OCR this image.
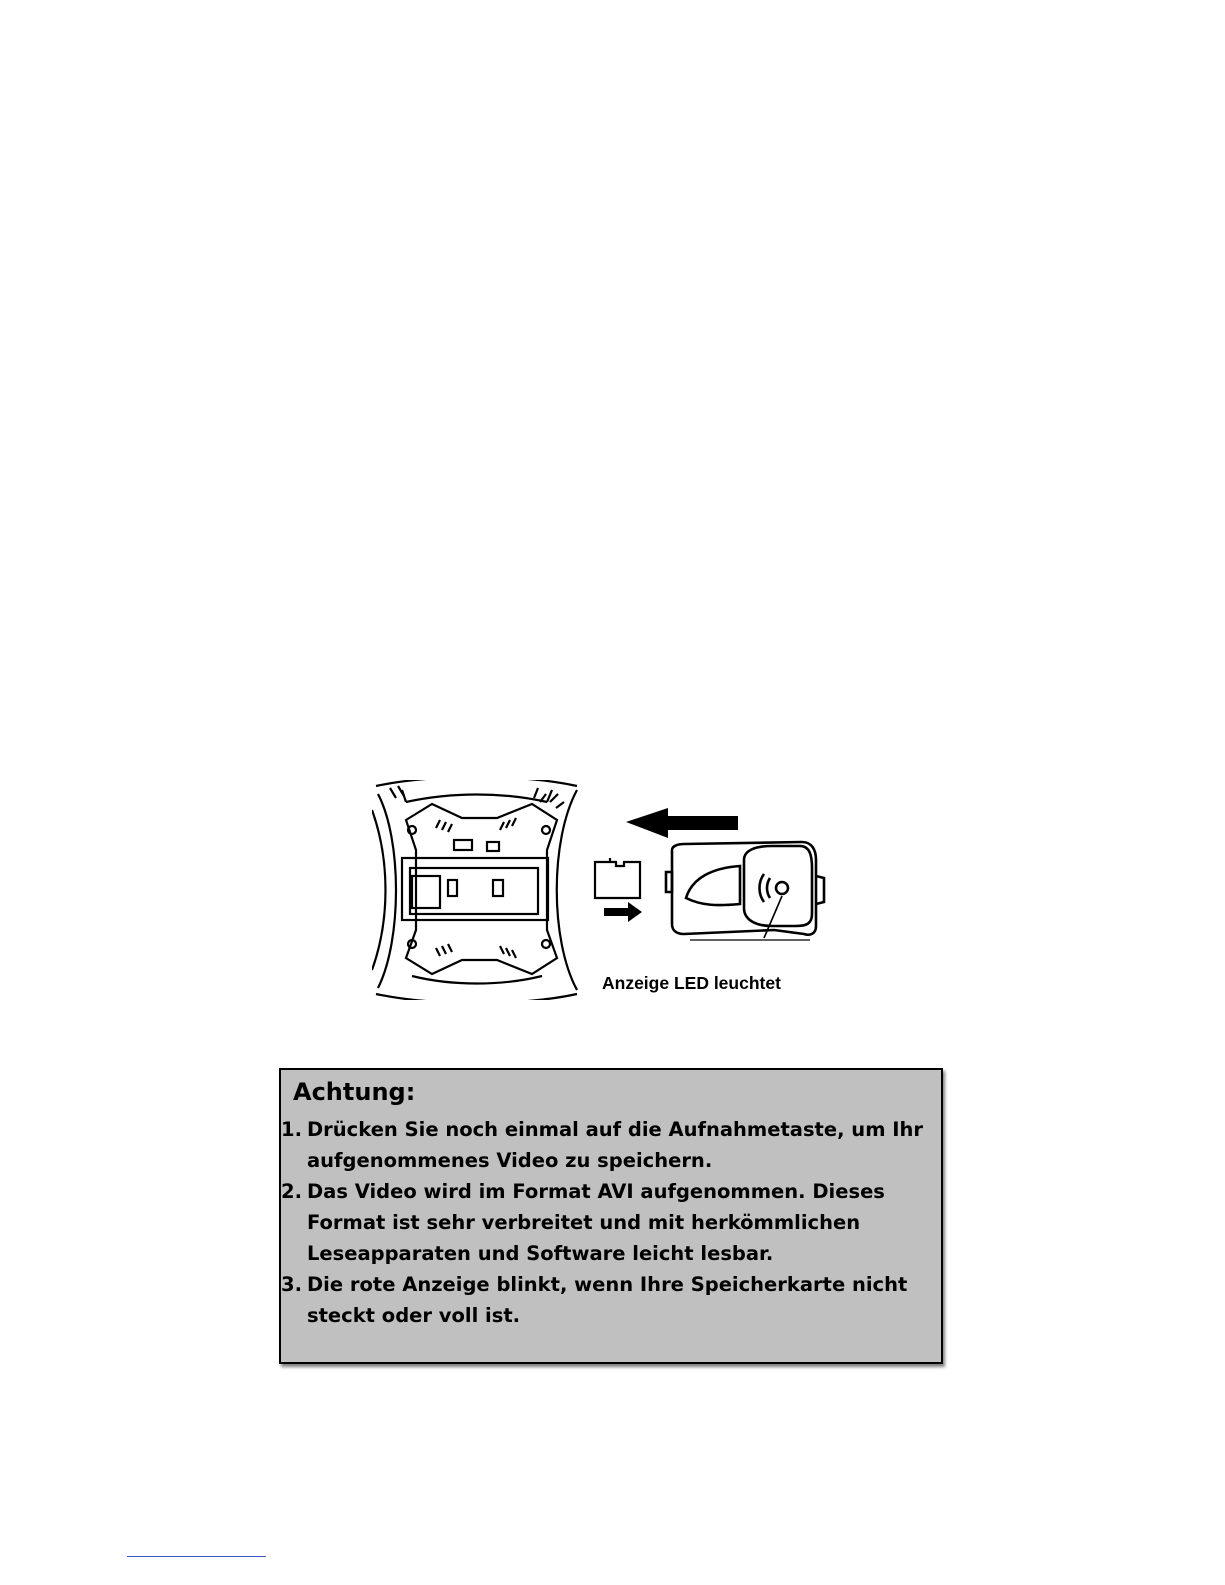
Anzeige LED leuchtet
Achtung:
1. Drücken Sie noch einmal auf die Aufnahmetaste, um Ihr aufgenommenes Video zu speichern.
2. Das Video wird im Format AVI aufgenommen. Dieses Format ist sehr verbreitet und mit herkömmlichen Leseapparaten und Software leicht lesbar.
3. Die rote Anzeige blinkt, wenn Ihre Speicherkarte nicht steckt oder voll ist.
